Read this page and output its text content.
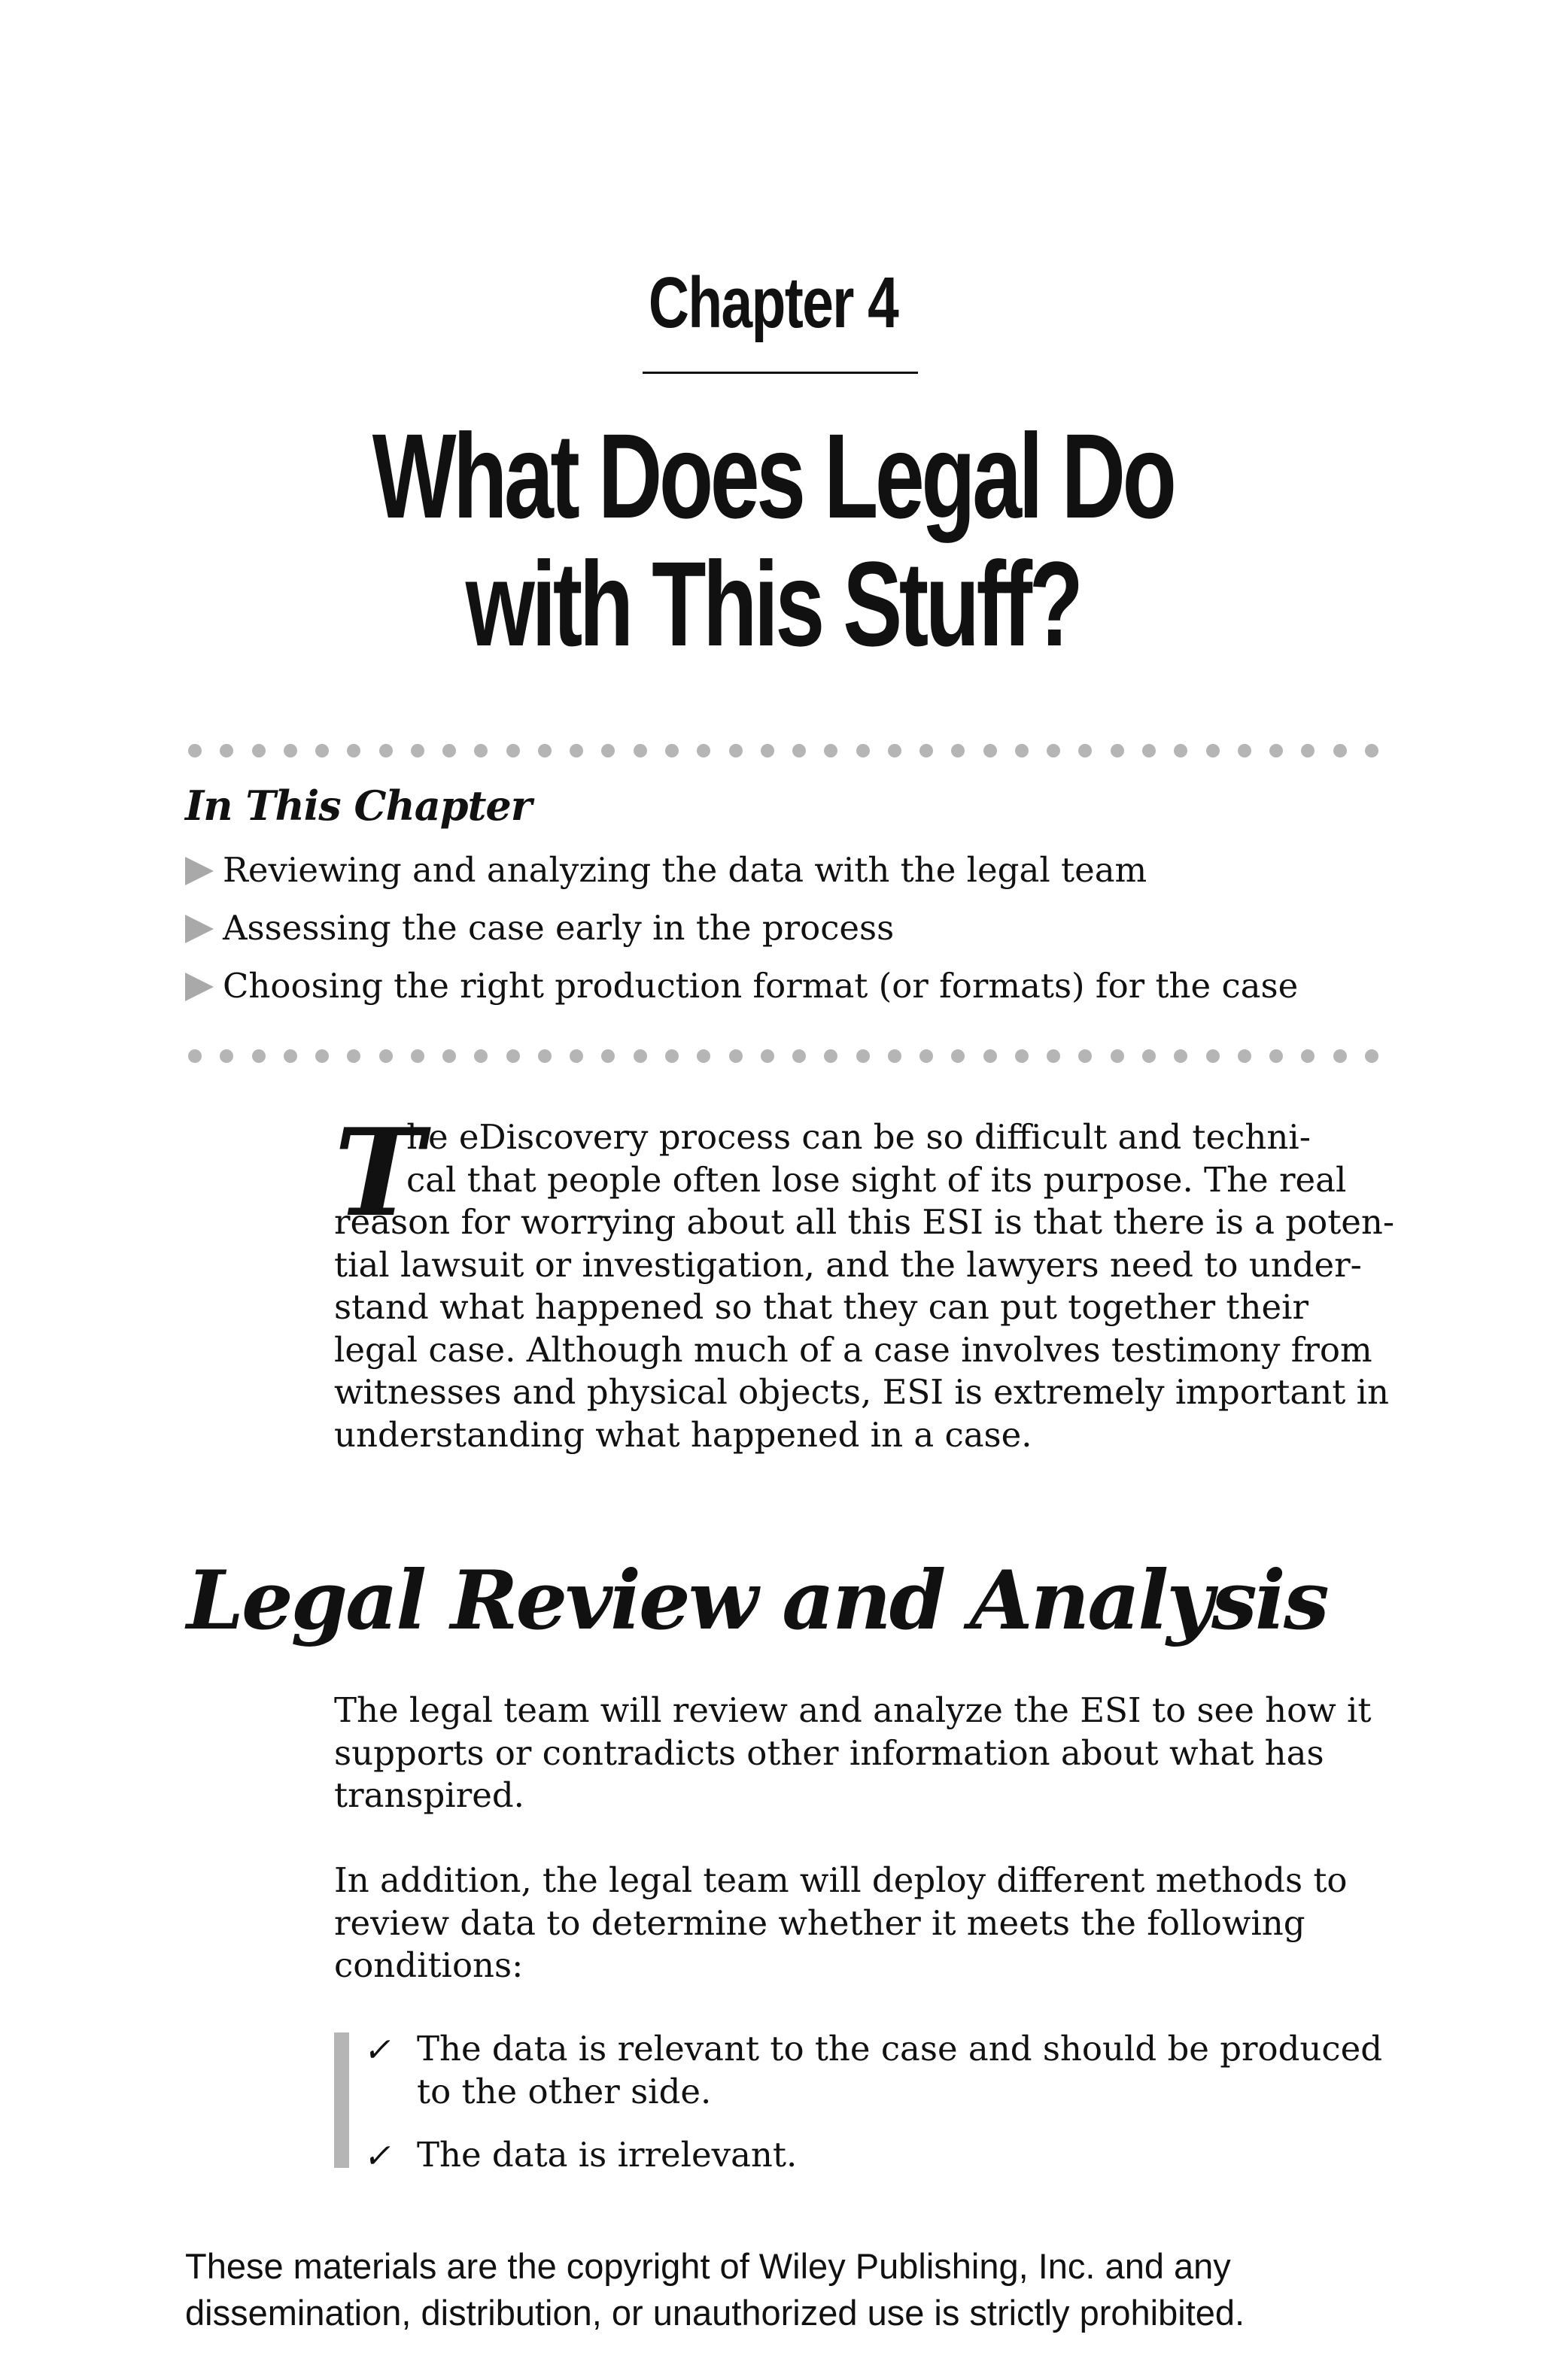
Chapter 4
What Does Legal Do
with This Stuff?
In This Chapter
Reviewing and analyzing the data with the legal team
Assessing the case early in the process
Choosing the right production format (or formats) for the case
T
he eDiscovery process can be so difficult and techni-
cal that people often lose sight of its purpose. The real
reason for worrying about all this ESI is that there is a poten-
tial lawsuit or investigation, and the lawyers need to under-
stand what happened so that they can put together their
legal case. Although much of a case involves testimony from
witnesses and physical objects, ESI is extremely important in
understanding what happened in a case.
Legal Review and Analysis
The legal team will review and analyze the ESI to see how it
supports or contradicts other information about what has
transpired.
In addition, the legal team will deploy different methods to
review data to determine whether it meets the following
conditions:
✓ The data is relevant to the case and should be produced
to the other side.
✓ The data is irrelevant.
These materials are the copyright of Wiley Publishing, Inc. and any
dissemination, distribution, or unauthorized use is strictly prohibited.
